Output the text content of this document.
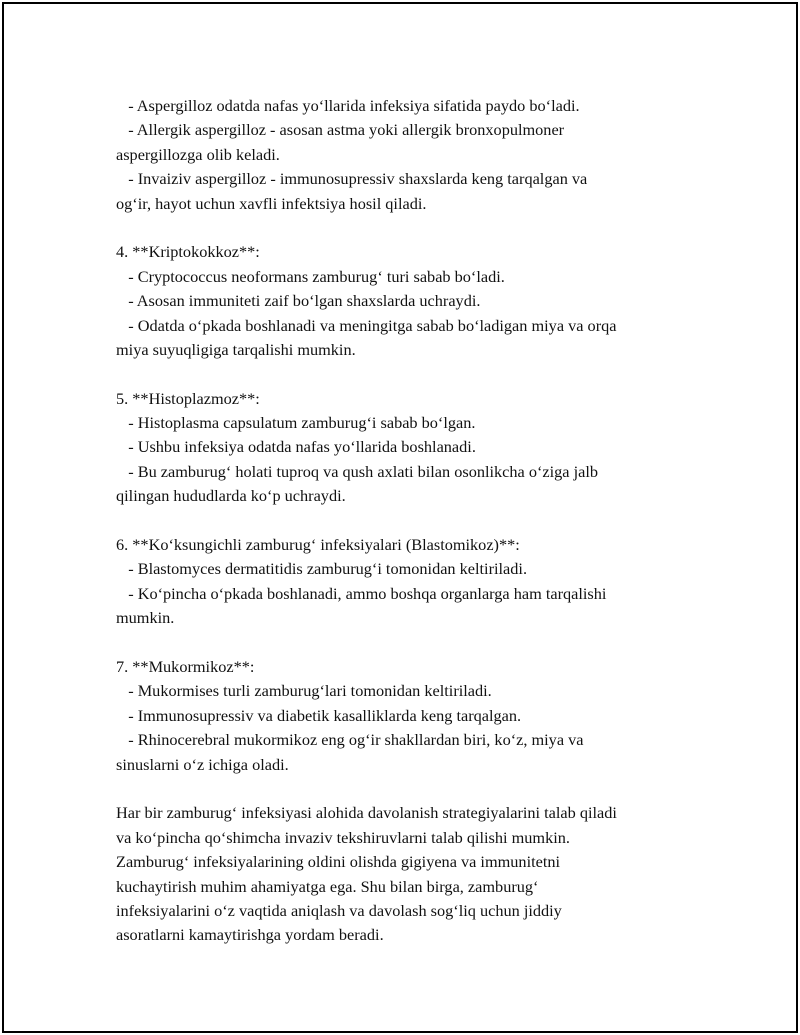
- Aspergilloz odatda nafas yo‘llarida infeksiya sifatida paydo bo‘ladi.

- Allergik aspergilloz - asosan astma yoki allergik bronxopulmoner

aspergillozga olib keladi.

- Invaiziv aspergilloz - immunosupressiv shaxslarda keng tarqalgan va

og‘ir, hayot uchun xavfli infektsiya hosil qiladi.

4. **Kriptokokkoz**:

- Cryptococcus neoformans zamburug‘ turi sabab bo‘ladi.

- Asosan immuniteti zaif bo‘lgan shaxslarda uchraydi.

- Odatda o‘pkada boshlanadi va meningitga sabab bo‘ladigan miya va orqa

miya suyuqligiga tarqalishi mumkin.

5. **Histoplazmoz**:

- Histoplasma capsulatum zamburug‘i sabab bo‘lgan.

- Ushbu infeksiya odatda nafas yo‘llarida boshlanadi.

- Bu zamburug‘ holati tuproq va qush axlati bilan osonlikcha o‘ziga jalb

qilingan hududlarda ko‘p uchraydi.

6. **Ko‘ksungichli zamburug‘ infeksiyalari (Blastomikoz)**:

- Blastomyces dermatitidis zamburug‘i tomonidan keltiriladi.

- Ko‘pincha o‘pkada boshlanadi, ammo boshqa organlarga ham tarqalishi

mumkin.

7. **Mukormikoz**:

- Mukormises turli zamburug‘lari tomonidan keltiriladi.

- Immunosupressiv va diabetik kasalliklarda keng tarqalgan.

- Rhinocerebral mukormikoz eng og‘ir shakllardan biri, ko‘z, miya va

sinuslarni o‘z ichiga oladi.

Har bir zamburug‘ infeksiyasi alohida davolanish strategiyalarini talab qiladi

va ko‘pincha qo‘shimcha invaziv tekshiruvlarni talab qilishi mumkin.

Zamburug‘ infeksiyalarining oldini olishda gigiyena va immunitetni

kuchaytirish muhim ahamiyatga ega. Shu bilan birga, zamburug‘

infeksiyalarini o‘z vaqtida aniqlash va davolash sog‘liq uchun jiddiy

asoratlarni kamaytirishga yordam beradi.
